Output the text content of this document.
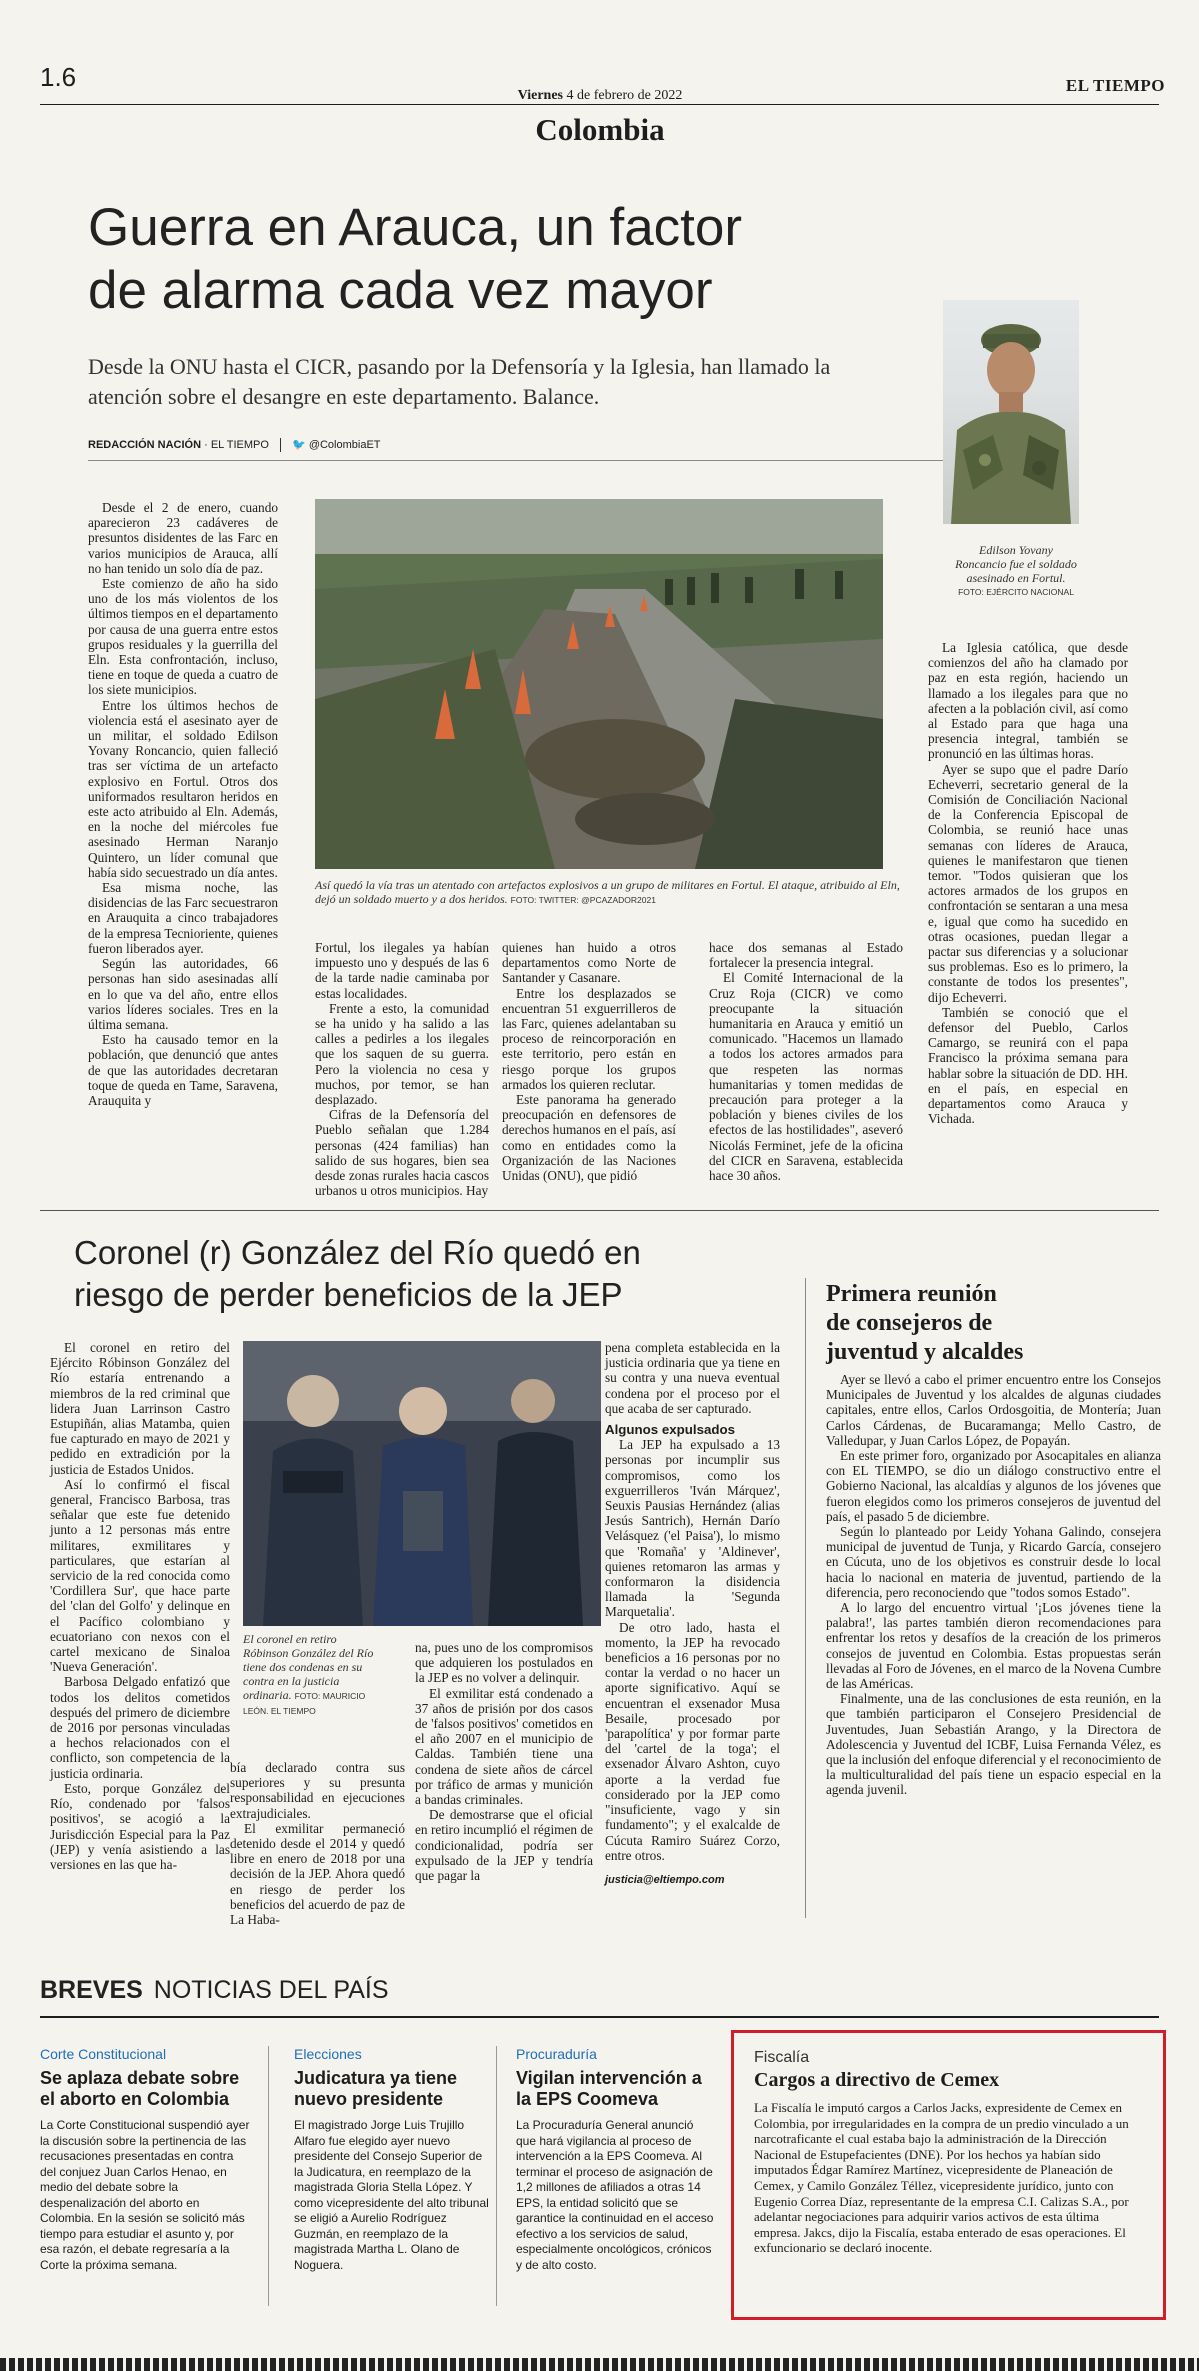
1.6
Viernes 4 de febrero de 2022
Colombia
EL TIEMPO
Guerra en Arauca, un factor
de alarma cada vez mayor
Desde la ONU hasta el CICR, pasando por la Defensoría y la Iglesia, han llamado la atención sobre el desangre en este departamento. Balance.
REDACCIÓN NACIÓN · EL TIEMPO 🐦 @ColombiaET
Edilson Yovany Roncancio fue el soldado asesinado en Fortul.
FOTO: EJÉRCITO NACIONAL
Así quedó la vía tras un atentado con artefactos explosivos a un grupo de militares en Fortul. El ataque, atribuido al Eln, dejó un soldado muerto y a dos heridos. FOTO: TWITTER: @PCAZADOR2021

Desde el 2 de enero, cuando aparecieron 23 cadáveres de presuntos disidentes de las Farc en varios municipios de Arauca, allí no han tenido un solo día de paz.

Este comienzo de año ha sido uno de los más violentos de los últimos tiempos en el departamento por causa de una guerra entre estos grupos residuales y la guerrilla del Eln. Esta confrontación, incluso, tiene en toque de queda a cuatro de los siete municipios.

Entre los últimos hechos de violencia está el asesinato ayer de un militar, el soldado Edilson Yovany Roncancio, quien falleció tras ser víctima de un artefacto explosivo en Fortul. Otros dos uniformados resultaron heridos en este acto atribuido al Eln. Además, en la noche del miércoles fue asesinado Herman Naranjo Quintero, un líder comunal que había sido secuestrado un día antes.

Esa misma noche, las disidencias de las Farc secuestraron en Arauquita a cinco trabajadores de la empresa Tecnioriente, quienes fueron liberados ayer.

Según las autoridades, 66 personas han sido asesinadas allí en lo que va del año, entre ellos varios líderes sociales. Tres en la última semana.

Esto ha causado temor en la población, que denunció que antes de que las autoridades decretaran toque de queda en Tame, Saravena, Arauquita y

Fortul, los ilegales ya habían impuesto uno y después de las 6 de la tarde nadie caminaba por estas localidades.

Frente a esto, la comunidad se ha unido y ha salido a las calles a pedirles a los ilegales que los saquen de su guerra. Pero la violencia no cesa y muchos, por temor, se han desplazado.

Cifras de la Defensoría del Pueblo señalan que 1.284 personas (424 familias) han salido de sus hogares, bien sea desde zonas rurales hacia cascos urbanos u otros municipios. Hay

quienes han huido a otros departamentos como Norte de Santander y Casanare.

Entre los desplazados se encuentran 51 exguerrilleros de las Farc, quienes adelantaban su proceso de reincorporación en este territorio, pero están en riesgo porque los grupos armados los quieren reclutar.

Este panorama ha generado preocupación en defensores de derechos humanos en el país, así como en entidades como la Organización de las Naciones Unidas (ONU), que pidió

hace dos semanas al Estado fortalecer la presencia integral.

El Comité Internacional de la Cruz Roja (CICR) ve como preocupante la situación humanitaria en Arauca y emitió un comunicado. "Hacemos un llamado a todos los actores armados para que respeten las normas humanitarias y tomen medidas de precaución para proteger a la población y bienes civiles de los efectos de las hostilidades", aseveró Nicolás Ferminet, jefe de la oficina del CICR en Saravena, establecida hace 30 años.

La Iglesia católica, que desde comienzos del año ha clamado por paz en esta región, haciendo un llamado a los ilegales para que no afecten a la población civil, así como al Estado para que haga una presencia integral, también se pronunció en las últimas horas.

Ayer se supo que el padre Darío Echeverri, secretario general de la Comisión de Conciliación Nacional de la Conferencia Episcopal de Colombia, se reunió hace unas semanas con líderes de Arauca, quienes le manifestaron que tienen temor. "Todos quisieran que los actores armados de los grupos en confrontación se sentaran a una mesa e, igual que como ha sucedido en otras ocasiones, puedan llegar a pactar sus diferencias y a solucionar sus problemas. Eso es lo primero, la constante de todos los presentes", dijo Echeverri.

También se conoció que el defensor del Pueblo, Carlos Camargo, se reunirá con el papa Francisco la próxima semana para hablar sobre la situación de DD. HH. en el país, en especial en departamentos como Arauca y Vichada.

Coronel (r) González del Río quedó en
riesgo de perder beneficios de la JEP

El coronel en retiro del Ejército Róbinson González del Río estaría entrenando a miembros de la red criminal que lidera Juan Larrinson Castro Estupiñán, alias Matamba, quien fue capturado en mayo de 2021 y pedido en extradición por la justicia de Estados Unidos.

Así lo confirmó el fiscal general, Francisco Barbosa, tras señalar que este fue detenido junto a 12 personas más entre militares, exmilitares y particulares, que estarían al servicio de la red conocida como 'Cordillera Sur', que hace parte del 'clan del Golfo' y delinque en el Pacífico colombiano y ecuatoriano con nexos con el cartel mexicano de Sinaloa 'Nueva Generación'.

Barbosa Delgado enfatizó que todos los delitos cometidos después del primero de diciembre de 2016 por personas vinculadas a hechos relacionados con el conflicto, son competencia de la justicia ordinaria.

Esto, porque González del Río, condenado por 'falsos positivos', se acogió a la Jurisdicción Especial para la Paz (JEP) y venía asistiendo a las versiones en las que ha-

El coronel en retiro Róbinson González del Río tiene dos condenas en su contra en la justicia ordinaria. FOTO: MAURICIO LEÓN. EL TIEMPO

bía declarado contra sus superiores y su presunta responsabilidad en ejecuciones extrajudiciales.

El exmilitar permaneció detenido desde el 2014 y quedó libre en enero de 2018 por una decisión de la JEP. Ahora quedó en riesgo de perder los beneficios del acuerdo de paz de La Haba-

na, pues uno de los compromisos que adquieren los postulados en la JEP es no volver a delinquir.

El exmilitar está condenado a 37 años de prisión por dos casos de 'falsos positivos' cometidos en el año 2007 en el municipio de Caldas. También tiene una condena de siete años de cárcel por tráfico de armas y munición a bandas criminales.

De demostrarse que el oficial en retiro incumplió el régimen de condicionalidad, podría ser expulsado de la JEP y tendría que pagar la

pena completa establecida en la justicia ordinaria que ya tiene en su contra y una nueva eventual condena por el proceso por el que acaba de ser capturado.

Algunos expulsados

La JEP ha expulsado a 13 personas por incumplir sus compromisos, como los exguerrilleros 'Iván Márquez', Seuxis Pausias Hernández (alias Jesús Santrich), Hernán Darío Velásquez ('el Paisa'), lo mismo que 'Romaña' y 'Aldinever', quienes retomaron las armas y conformaron la disidencia llamada la 'Segunda Marquetalia'.

De otro lado, hasta el momento, la JEP ha revocado beneficios a 16 personas por no contar la verdad o no hacer un aporte significativo. Aquí se encuentran el exsenador Musa Besaile, procesado por 'parapolítica' y por formar parte del 'cartel de la toga'; el exsenador Álvaro Ashton, cuyo aporte a la verdad fue considerado por la JEP como "insuficiente, vago y sin fundamento"; y el exalcalde de Cúcuta Ramiro Suárez Corzo, entre otros.

justicia@eltiempo.com

Primera reunión
de consejeros de
juventud y alcaldes

Ayer se llevó a cabo el primer encuentro entre los Consejos Municipales de Juventud y los alcaldes de algunas ciudades capitales, entre ellos, Carlos Ordosgoitia, de Montería; Juan Carlos Cárdenas, de Bucaramanga; Mello Castro, de Valledupar, y Juan Carlos López, de Popayán.

En este primer foro, organizado por Asocapitales en alianza con EL TIEMPO, se dio un diálogo constructivo entre el Gobierno Nacional, las alcaldías y algunos de los jóvenes que fueron elegidos como los primeros consejeros de juventud del país, el pasado 5 de diciembre.

Según lo planteado por Leidy Yohana Galindo, consejera municipal de juventud de Tunja, y Ricardo García, consejero en Cúcuta, uno de los objetivos es construir desde lo local hacia lo nacional en materia de juventud, partiendo de la diferencia, pero reconociendo que "todos somos Estado".

A lo largo del encuentro virtual '¡Los jóvenes tiene la palabra!', las partes también dieron recomendaciones para enfrentar los retos y desafíos de la creación de los primeros consejos de juventud en Colombia. Estas propuestas serán llevadas al Foro de Jóvenes, en el marco de la Novena Cumbre de las Américas.

Finalmente, una de las conclusiones de esta reunión, en la que también participaron el Consejero Presidencial de Juventudes, Juan Sebastián Arango, y la Directora de Adolescencia y Juventud del ICBF, Luisa Fernanda Vélez, es que la inclusión del enfoque diferencial y el reconocimiento de la multiculturalidad del país tiene un espacio especial en la agenda juvenil.

BREVES NOTICIAS DEL PAÍS
Corte Constitucional
Se aplaza debate sobre el aborto en Colombia
La Corte Constitucional suspendió ayer la discusión sobre la pertinencia de las recusaciones presentadas en contra del conjuez Juan Carlos Henao, en medio del debate sobre la despenalización del aborto en Colombia. En la sesión se solicitó más tiempo para estudiar el asunto y, por esa razón, el debate regresaría a la Corte la próxima semana.
Elecciones
Judicatura ya tiene nuevo presidente
El magistrado Jorge Luis Trujillo Alfaro fue elegido ayer nuevo presidente del Consejo Superior de la Judicatura, en reemplazo de la magistrada Gloria Stella López. Y como vicepresidente del alto tribunal se eligió a Aurelio Rodríguez Guzmán, en reemplazo de la magistrada Martha L. Olano de Noguera.
Procuraduría
Vigilan intervención a la EPS Coomeva
La Procuraduría General anunció que hará vigilancia al proceso de intervención a la EPS Coomeva. Al terminar el proceso de asignación de 1,2 millones de afiliados a otras 14 EPS, la entidad solicitó que se garantice la continuidad en el acceso efectivo a los servicios de salud, especialmente oncológicos, crónicos y de alto costo.
Fiscalía
Cargos a directivo de Cemex
La Fiscalía le imputó cargos a Carlos Jacks, expresidente de Cemex en Colombia, por irregularidades en la compra de un predio vinculado a un narcotraficante el cual estaba bajo la administración de la Dirección Nacional de Estupefacientes (DNE). Por los hechos ya habían sido imputados Édgar Ramírez Martínez, vicepresidente de Planeación de Cemex, y Camilo González Téllez, vicepresidente jurídico, junto con Eugenio Correa Díaz, representante de la empresa C.I. Calizas S.A., por adelantar negociaciones para adquirir varios activos de esta última empresa. Jakcs, dijo la Fiscalía, estaba enterado de esas operaciones. El exfuncionario se declaró inocente.
